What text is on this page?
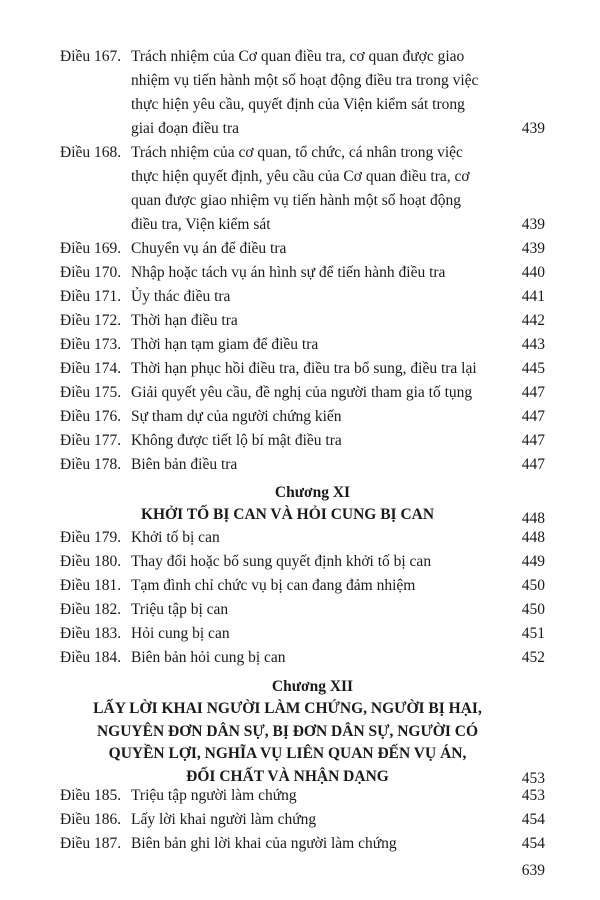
Điều 167. Trách nhiệm của Cơ quan điều tra, cơ quan được giao
nhiệm vụ tiến hành một số hoạt động điều tra trong việc
thực hiện yêu cầu, quyết định của Viện kiểm sát trong
giai đoạn điều tra	439
Điều 168. Trách nhiệm của cơ quan, tổ chức, cá nhân trong việc
thực hiện quyết định, yêu cầu của Cơ quan điều tra, cơ
quan được giao nhiệm vụ tiến hành một số hoạt động
điều tra, Viện kiểm sát	439
Điều 169. Chuyển vụ án để điều tra	439
Điều 170. Nhập hoặc tách vụ án hình sự để tiến hành điều tra	440
Điều 171. Ủy thác điều tra	441
Điều 172. Thời hạn điều tra	442
Điều 173. Thời hạn tạm giam để điều tra	443
Điều 174. Thời hạn phục hồi điều tra, điều tra bổ sung, điều tra lại	445
Điều 175. Giải quyết yêu cầu, đề nghị của người tham gia tố tụng	447
Điều 176. Sự tham dự của người chứng kiến	447
Điều 177. Không được tiết lộ bí mật điều tra	447
Điều 178. Biên bản điều tra	447
Chương XI
KHỞI TỐ BỊ CAN VÀ HỎI CUNG BỊ CAN	448
Điều 179. Khởi tố bị can	448
Điều 180. Thay đổi hoặc bổ sung quyết định khởi tố bị can	449
Điều 181. Tạm đình chỉ chức vụ bị can đang đảm nhiệm	450
Điều 182. Triệu tập bị can	450
Điều 183. Hỏi cung bị can	451
Điều 184. Biên bản hỏi cung bị can	452
Chương XII
LẤY LỜI KHAI NGƯỜI LÀM CHỨNG, NGƯỜI BỊ HẠI,
NGUYÊN ĐƠN DÂN SỰ, BỊ ĐƠN DÂN SỰ, NGƯỜI CÓ
QUYỀN LỢI, NGHĨA VỤ LIÊN QUAN ĐẾN VỤ ÁN,
ĐỐI CHẤT VÀ NHẬN DẠNG	453
Điều 185. Triệu tập người làm chứng	453
Điều 186. Lấy lời khai người làm chứng	454
Điều 187. Biên bản ghi lời khai của người làm chứng	454
639
